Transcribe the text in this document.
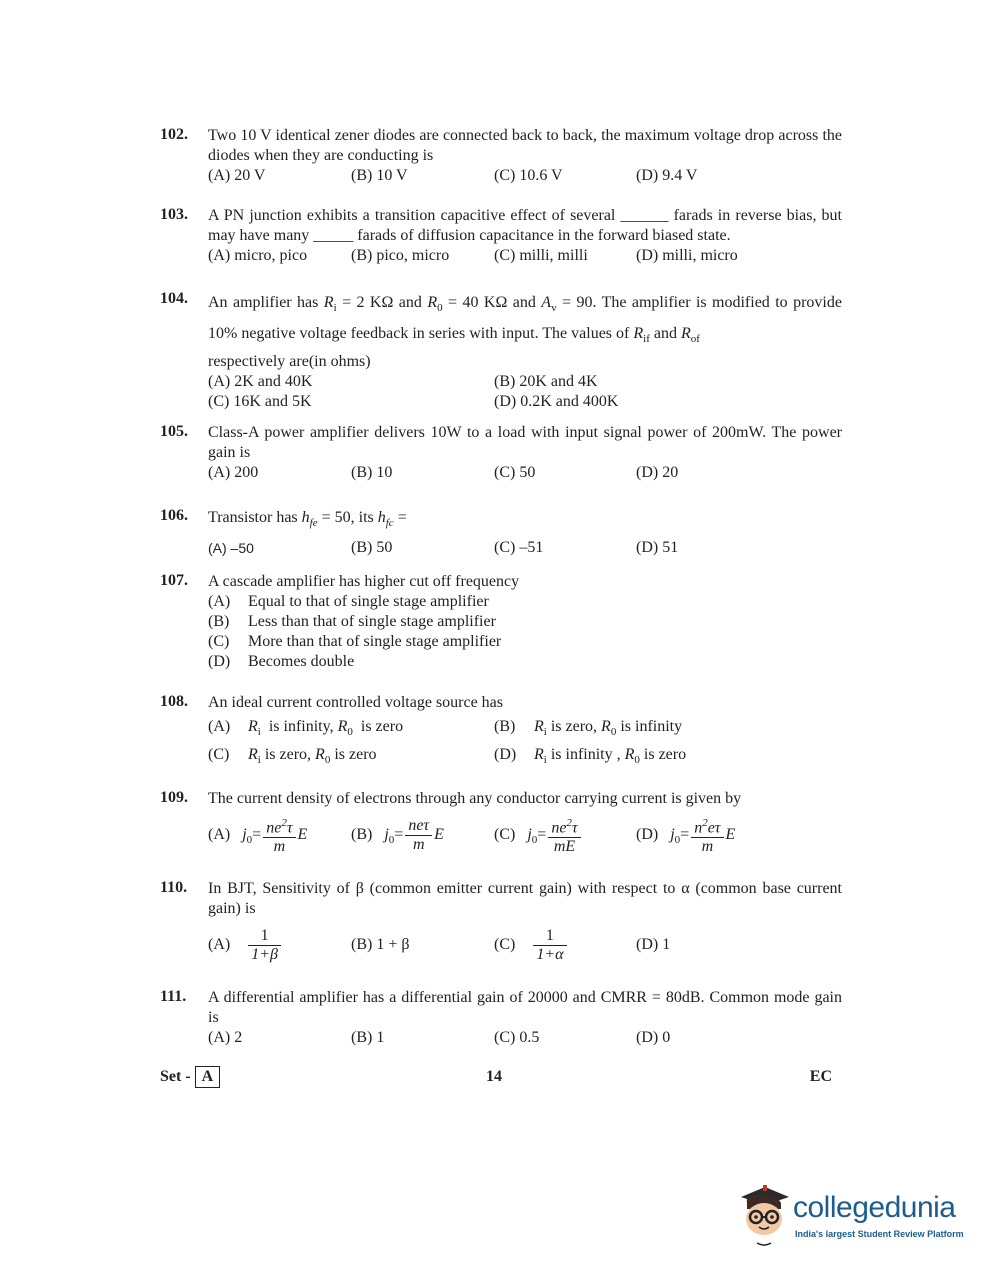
102. Two 10 V identical zener diodes are connected back to back, the maximum voltage drop across the diodes when they are conducting is
(A) 20 V	(B) 10 V	(C) 10.6 V	(D) 9.4 V
103. A PN junction exhibits a transition capacitive effect of several ______ farads in reverse bias, but may have many _____ farads of diffusion capacitance in the forward biased state.
(A) micro, pico	(B) pico, micro	(C) milli, milli	(D) milli, micro
104. An amplifier has $R_i = 2$ KΩ and $R_0 = 40$ KΩ and $A_v = 90$. The amplifier is modified to provide 10% negative voltage feedback in series with input. The values of $R_{if}$ and $R_{of}$
respectively are(in ohms)
(A) 2K and 40K	(B) 20K and 4K
(C) 16K and 5K	(D) 0.2K and 400K
105. Class-A power amplifier delivers 10W to a load with input signal power of 200mW. The power gain is
(A) 200	(B) 10	(C) 50	(D) 20
106. Transistor has $h_{fe} = 50$, its $h_{fc}$ =
(A) –50	(B) 50	(C) –51	(D) 51
107. A cascade amplifier has higher cut off frequency
(A) Equal to that of single stage amplifier
(B) Less than that of single stage amplifier
(C) More than that of single stage amplifier
(D) Becomes double
108. An ideal current controlled voltage source has
(A) $R_i$  is infinity, $R_0$  is zero	(B) $R_i$ is zero, $R_0$ is infinity
(C) $R_i$ is zero, $R_0$ is zero	(D) $R_i$ is infinity , $R_0$ is zero
109. The current density of electrons through any conductor carrying current is given by
(A) $j_0= \frac{ne^2\tau}{m}$ E	(B) $j_0= \frac{\text{neτ}}{m}$ E	(C) $j_0= \frac{ne^2\tau}{mE}$	(D) $j_0= \frac{n^2e\tau}{m}$ E
110. In BJT, Sensitivity of β (common emitter current gain) with respect to α (common base current gain) is
$(A) \frac{1}{1+\beta}$	(B) 1 + β	$(C) \frac{1}{1+\alpha}$	(D) 1
111. A differential amplifier has a differential gain of 20000 and CMRR = 80dB. Common mode gain is
(A) 2	(B) 1	(C) 0.5	(D) 0
Set - A	14	EC
collegedunia
India's largest Student Review Platform
